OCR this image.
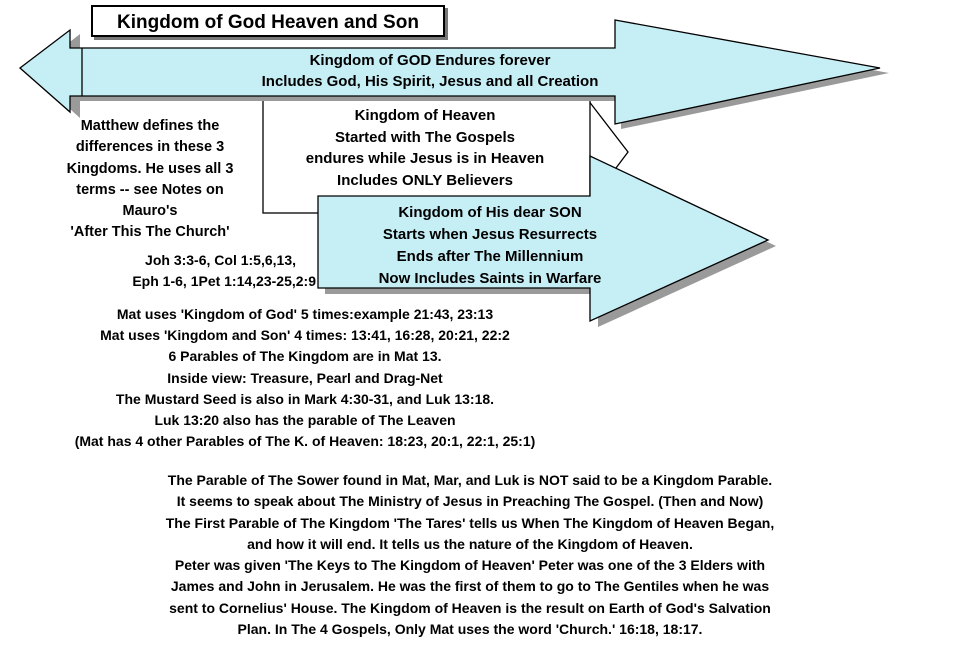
Kingdom of God Heaven and Son
Kingdom of GOD Endures forever
Includes God, His Spirit, Jesus and all Creation
Kingdom of Heaven
Started with The Gospels
endures while Jesus is in Heaven
Includes ONLY Believers
Kingdom of His dear SON
Starts when Jesus Resurrects
Ends after The Millennium
Now Includes Saints in Warfare
Matthew defines the
differences in these 3
Kingdoms. He uses all 3
terms -- see Notes on
Mauro's
'After This The Church'
Joh 3:3-6, Col 1:5,6,13,
Eph 1-6, 1Pet 1:14,23-25,2:9
Mat uses 'Kingdom of God' 5 times:example 21:43, 23:13
Mat uses 'Kingdom and Son' 4 times: 13:41, 16:28, 20:21, 22:2
6 Parables of The Kingdom are in Mat 13.
Inside view: Treasure, Pearl and Drag-Net
The Mustard Seed is also in Mark 4:30-31, and Luk 13:18.
Luk 13:20 also has the parable of The Leaven
(Mat has 4 other Parables of The K. of Heaven: 18:23, 20:1, 22:1, 25:1)
The Parable of The Sower found in Mat, Mar, and Luk is NOT said to be a Kingdom Parable.
It seems to speak about The Ministry of Jesus in Preaching The Gospel. (Then and Now)
The First Parable of The Kingdom 'The Tares' tells us When The Kingdom of Heaven Began,
and how it will end. It tells us the nature of the Kingdom of Heaven.
Peter was given 'The Keys to The Kingdom of Heaven' Peter was one of the 3 Elders with
James and John in Jerusalem. He was the first of them to go to The Gentiles when he was
sent to Cornelius' House. The Kingdom of Heaven is the result on Earth of God's Salvation
Plan. In The 4 Gospels, Only Mat uses the word 'Church.' 16:18, 18:17.
